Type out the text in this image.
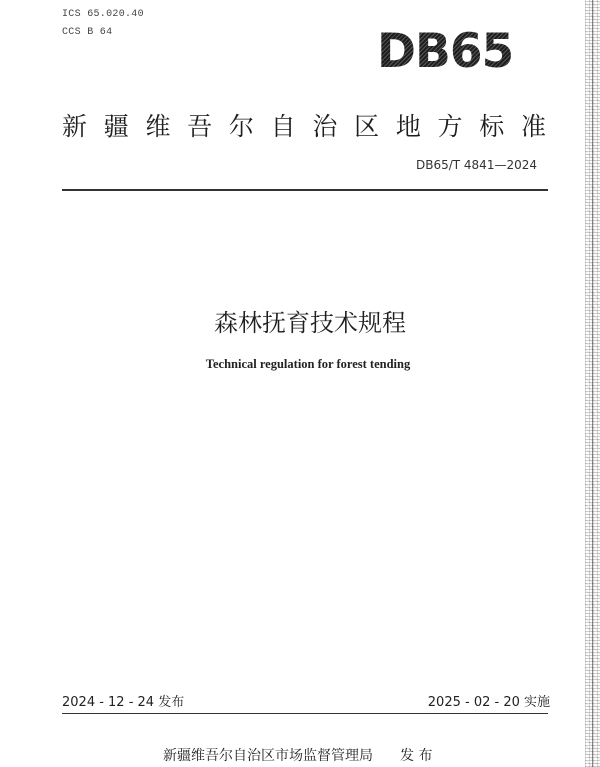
ICS 65.020.40
CCS B 64	DB65
新 疆 维 吾 尔 自 治 区 地 方 标 准
DB65/T 4841—2024
森林抚育技术规程
Technical regulation for forest tending
2024 - 12 - 24 发布	2025 - 02 - 20 实施
新疆维吾尔自治区市场监督管理局 发 布
